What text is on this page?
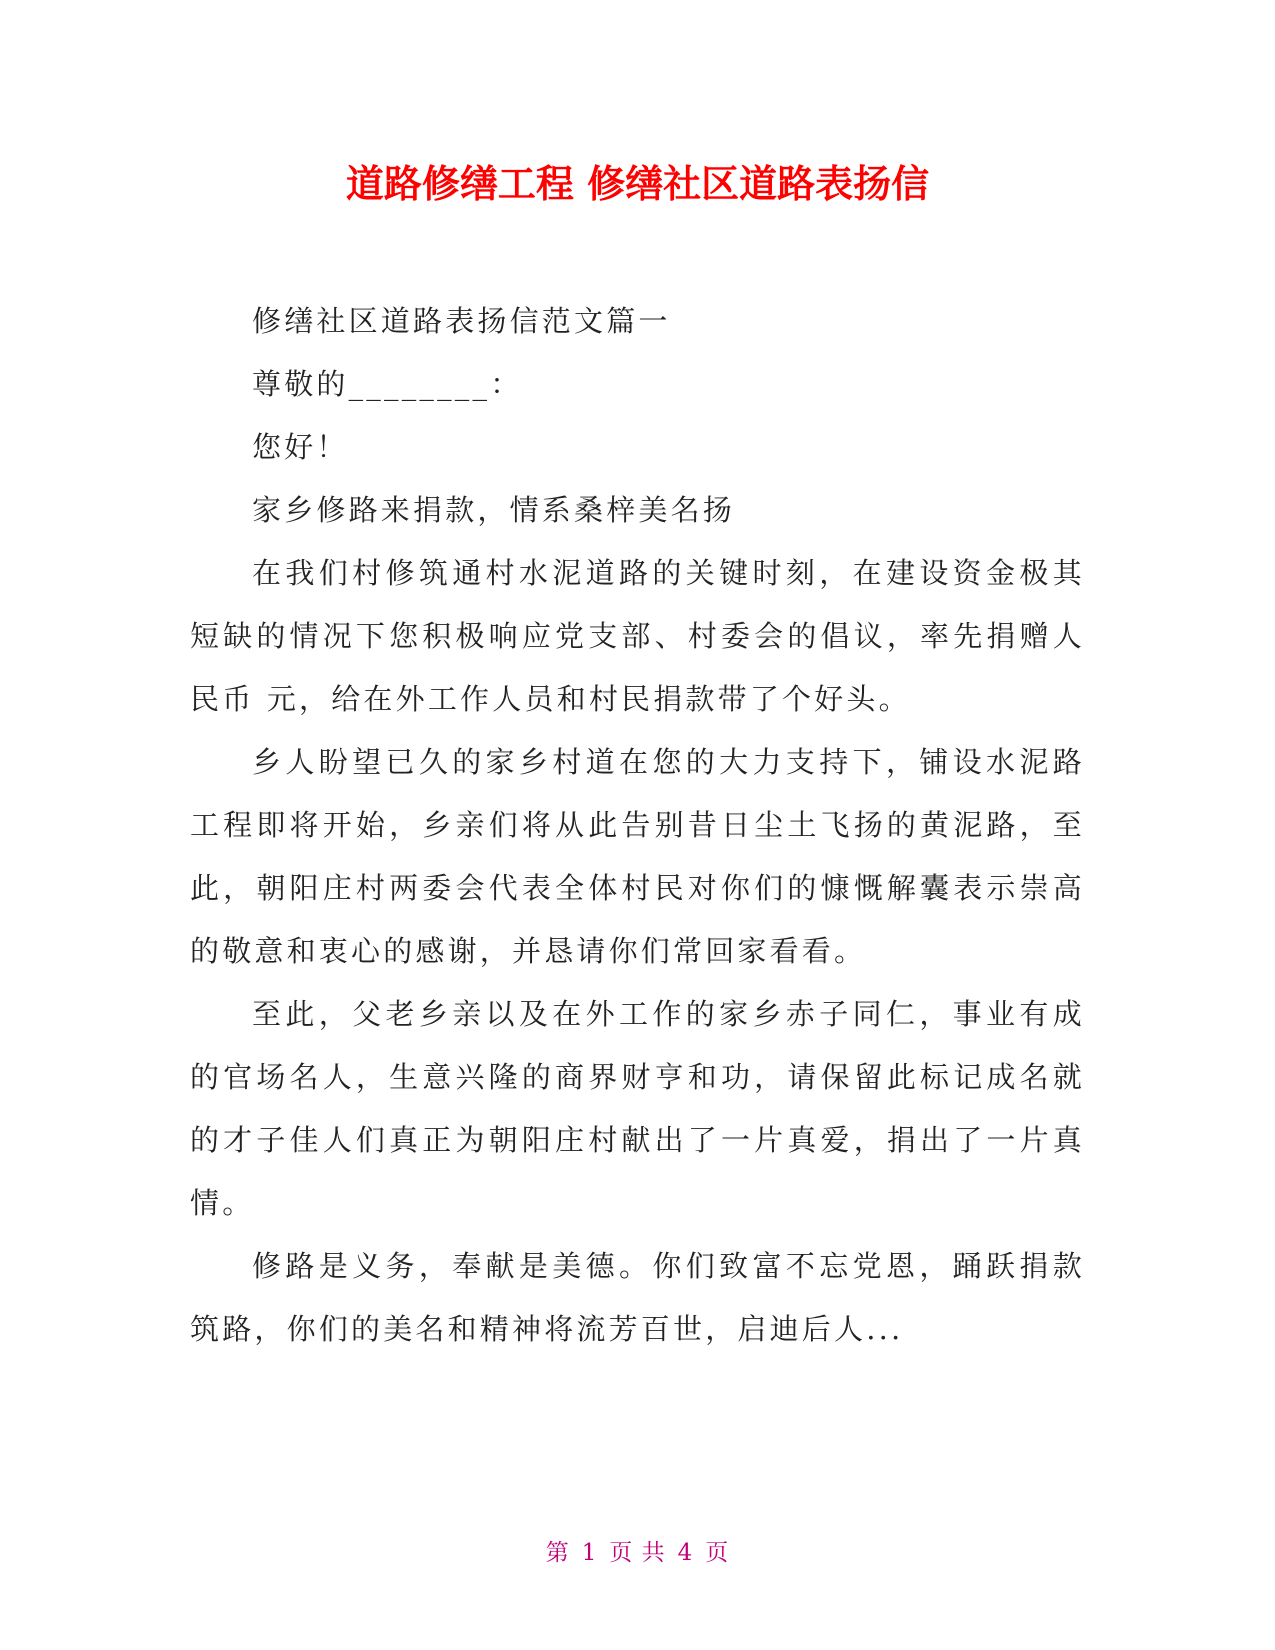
道路修缮工程 修缮社区道路表扬信

修缮社区道路表扬信范文篇一

尊敬的________：

您好！

家乡修路来捐款，情系桑梓美名扬

在我们村修筑通村水泥道路的关键时刻，在建设资金极其短缺的情况下您积极响应党支部、村委会的倡议，率先捐赠人民币 元，给在外工作人员和村民捐款带了个好头。

乡人盼望已久的家乡村道在您的大力支持下，铺设水泥路工程即将开始，乡亲们将从此告别昔日尘土飞扬的黄泥路，至此，朝阳庄村两委会代表全体村民对你们的慷慨解囊表示崇高的敬意和衷心的感谢，并恳请你们常回家看看。

至此，父老乡亲以及在外工作的家乡赤子同仁，事业有成的官场名人，生意兴隆的商界财亨和功，请保留此标记成名就的才子佳人们真正为朝阳庄村献出了一片真爱，捐出了一片真情。

修路是义务，奉献是美德。你们致富不忘党恩，踊跃捐款筑路，你们的美名和精神将流芳百世，启迪后人...

第 1 页 共 4 页
